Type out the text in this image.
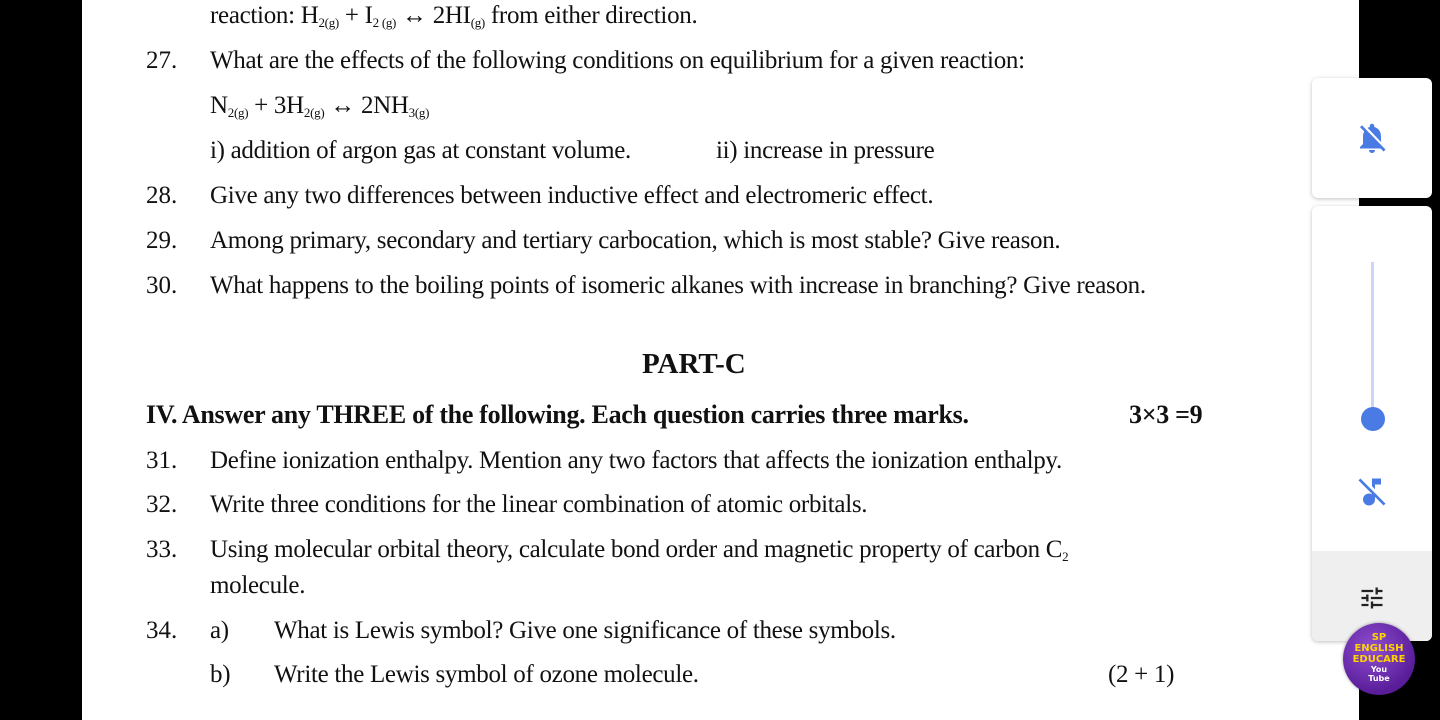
reaction: $H_{2(g)} + I_{2 (g)}$ ↔ $2HI_{(g)}$ from either direction.
27. What are the effects of the following conditions on equilibrium for a given reaction:
$N_{2(g)} + 3H_{2(g)}$ ↔ $2NH_{3(g)}$
i) addition of argon gas at constant volume.	ii) increase in pressure
28. Give any two differences between inductive effect and electromeric effect.
29. Among primary, secondary and tertiary carbocation, which is most stable? Give reason.
30. What happens to the boiling points of isomeric alkanes with increase in branching? Give reason.
PART-C
IV. Answer any THREE of the following. Each question carries three marks.	3×3 =9
31. Define ionization enthalpy. Mention any two factors that affects the ionization enthalpy.
32. Write three conditions for the linear combination of atomic orbitals.
33. Using molecular orbital theory, calculate bond order and magnetic property of carbon $C_2$
molecule.
34. a) What is Lewis symbol? Give one significance of these symbols.
b) Write the Lewis symbol of ozone molecule.	(2 + 1)
SP
ENGLISH
EDUCARE
You
Tube
